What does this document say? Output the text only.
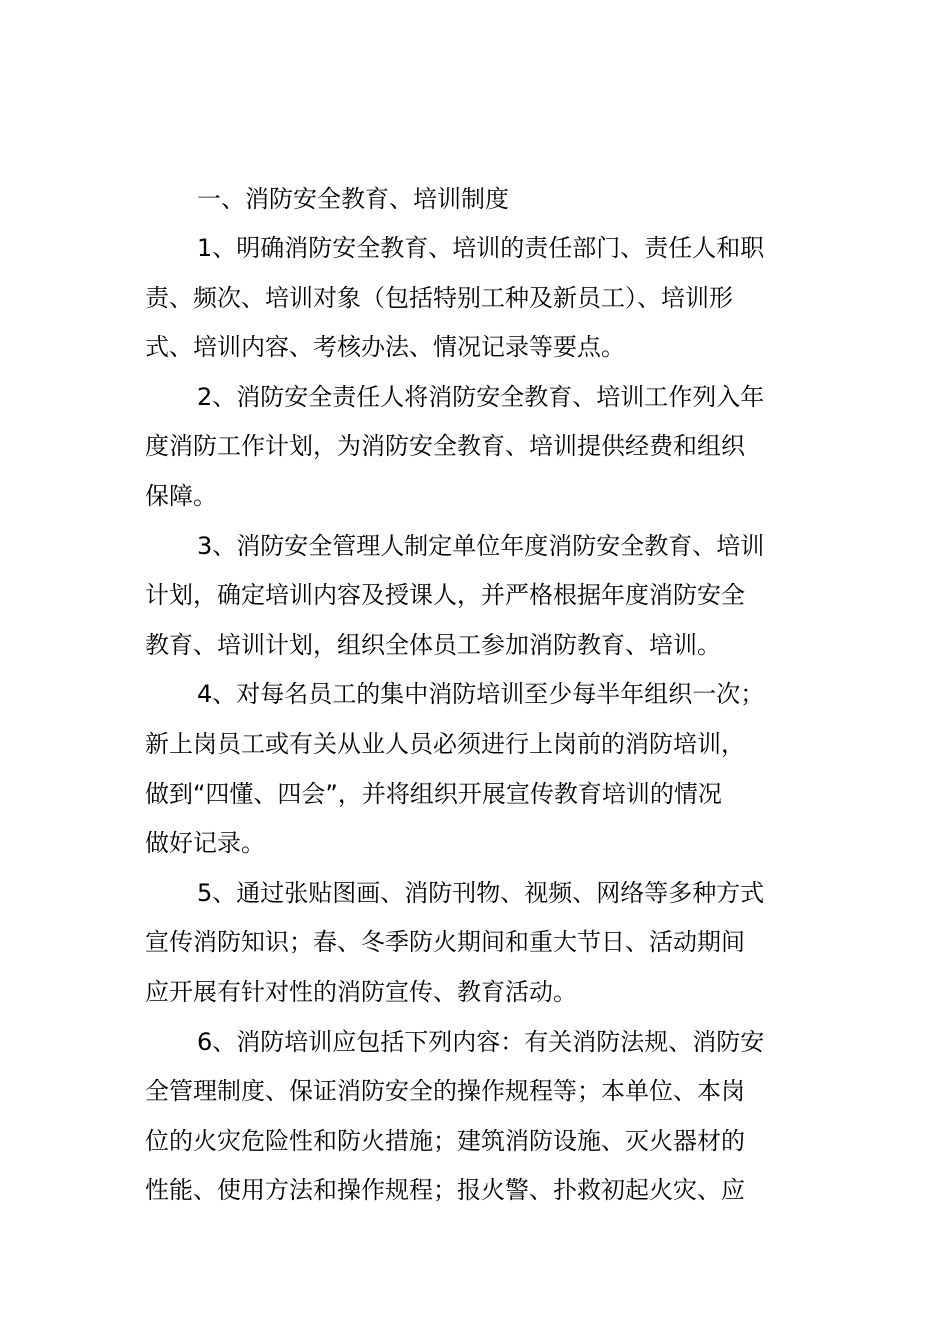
一、消防安全教育、培训制度
1、明确消防安全教育、培训的责任部门、责任人和职
责、频次、培训对象（包括特别工种及新员工）、培训形
式、培训内容、考核办法、情况记录等要点。
2、消防安全责任人将消防安全教育、培训工作列入年
度消防工作计划，为消防安全教育、培训提供经费和组织
保障。
3、消防安全管理人制定单位年度消防安全教育、培训
计划，确定培训内容及授课人，并严格根据年度消防安全
教育、培训计划，组织全体员工参加消防教育、培训。
4、对每名员工的集中消防培训至少每半年组织一次；
新上岗员工或有关从业人员必须进行上岗前的消防培训，
做到“四懂、四会”，并将组织开展宣传教育培训的情况
做好记录。
5、通过张贴图画、消防刊物、视频、网络等多种方式
宣传消防知识；春、冬季防火期间和重大节日、活动期间
应开展有针对性的消防宣传、教育活动。
6、消防培训应包括下列内容：有关消防法规、消防安
全管理制度、保证消防安全的操作规程等；本单位、本岗
位的火灾危险性和防火措施；建筑消防设施、灭火器材的
性能、使用方法和操作规程；报火警、扑救初起火灾、应
